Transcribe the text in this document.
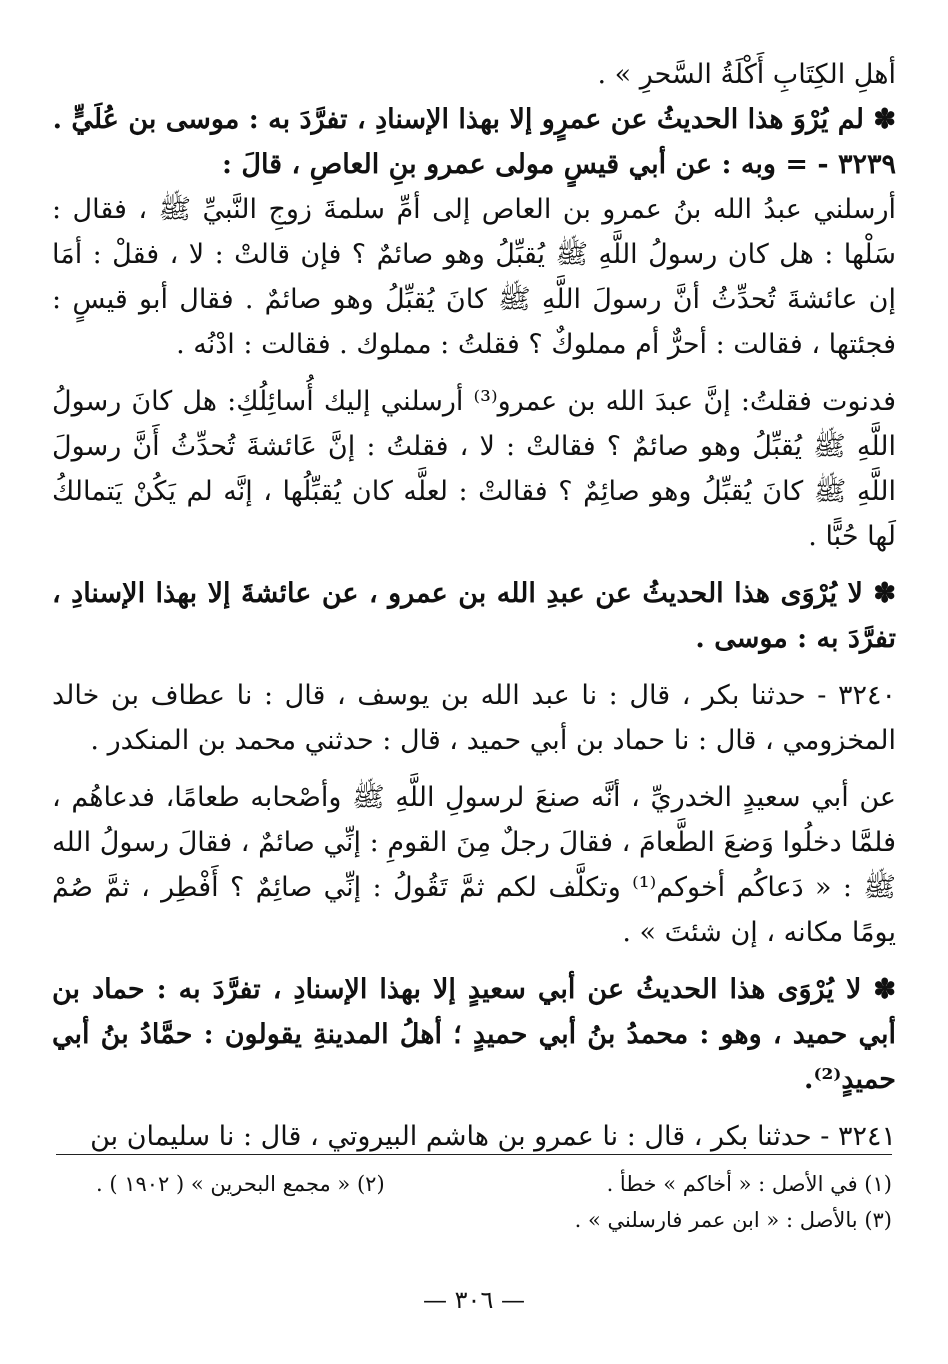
أهلِ الكِتَابِ أَكْلَةُ السَّحرِ » .

✽ لم يُرْوَ هذا الحديثُ عن عمرٍو إلا بهذا الإسنادِ ، تفرَّدَ به : موسى بن عُلَيٍّ .

٣٢٣٩ - = وبه : عن أبي قيسٍ مولى عمرو بنِ العاصِ ، قالَ :

أرسلني عبدُ الله بنُ عمرو بن العاص إلى أمِّ سلمةَ زوجِ النَّبيِّ ﷺ ، فقال : سَلْها : هل كان رسولُ اللَّهِ ﷺ يُقبِّلُ وهو صائمٌ ؟ فإن قالتْ : لا ، فقلْ : أمَا إن عائشةَ تُحدِّثُ أنَّ رسولَ اللَّهِ ﷺ كانَ يُقبِّلُ وهو صائمٌ . فقال أبو قيسٍ : فجئتها ، فقالت : أحرٌّ أم مملوكٌ ؟ فقلتُ : مملوك . فقالت : ادْنُه .

فدنوت فقلتُ: إنَّ عبدَ الله بن عمرو⁽³⁾ أرسلني إليك أُسائِلُكِ: هل كانَ رسولُ اللَّهِ ﷺ يُقبِّلُ وهو صائمٌ ؟ فقالتْ : لا ، فقلتُ : إنَّ عَائشةَ تُحدِّثُ أَنَّ رسولَ اللَّهِ ﷺ كانَ يُقبِّلُ وهو صائِمٌ ؟ فقالتْ : لعلَّه كان يُقبِّلُها ، إنَّه لم يَكُنْ يَتمالكُ لَها حُبًّا .

✽ لا يُرْوَى هذا الحديثُ عن عبدِ الله بن عمرو ، عن عائشةَ إلا بهذا الإسنادِ ، تفرَّدَ به : موسى .

٣٢٤٠ - حدثنا بكر ، قال : نا عبد الله بن يوسف ، قال : نا عطاف بن خالد المخزومي ، قال : نا حماد بن أبي حميد ، قال : حدثني محمد بن المنكدر .

عن أبي سعيدٍ الخدريِّ ، أنَّه صنعَ لرسولِ اللَّهِ ﷺ وأصْحابه طعامًا، فدعاهُم ، فلمَّا دخلُوا وَضعَ الطَّعامَ ، فقالَ رجلٌ مِنَ القومِ : إنِّي صائمٌ ، فقالَ رسولُ الله ﷺ : « دَعاكُم أخوكم⁽¹⁾ وتكلَّف لكم ثمَّ تَقُولُ : إنِّي صائِمٌ ؟ أَفْطِر ، ثمَّ صُمْ يومًا مكانه ، إن شئتَ » .

✽ لا يُرْوَى هذا الحديثُ عن أبي سعيدٍ إلا بهذا الإسنادِ ، تفرَّدَ به : حماد بن أبي حميد ، وهو : محمدُ بنُ أبي حميدٍ ؛ أهلُ المدينةِ يقولون : حمَّادُ بنُ أبي حميدٍ⁽²⁾.

٣٢٤١ - حدثنا بكر ، قال : نا عمرو بن هاشم البيروتي ، قال : نا سليمان بن

(١) في الأصل : « أخاكم » خطأ .
(٢) « مجمع البحرين » ( ١٩٠٢ ) .
(٣) بالأصل : « ابن عمر فارسلني » .
— ٣٠٦ —
